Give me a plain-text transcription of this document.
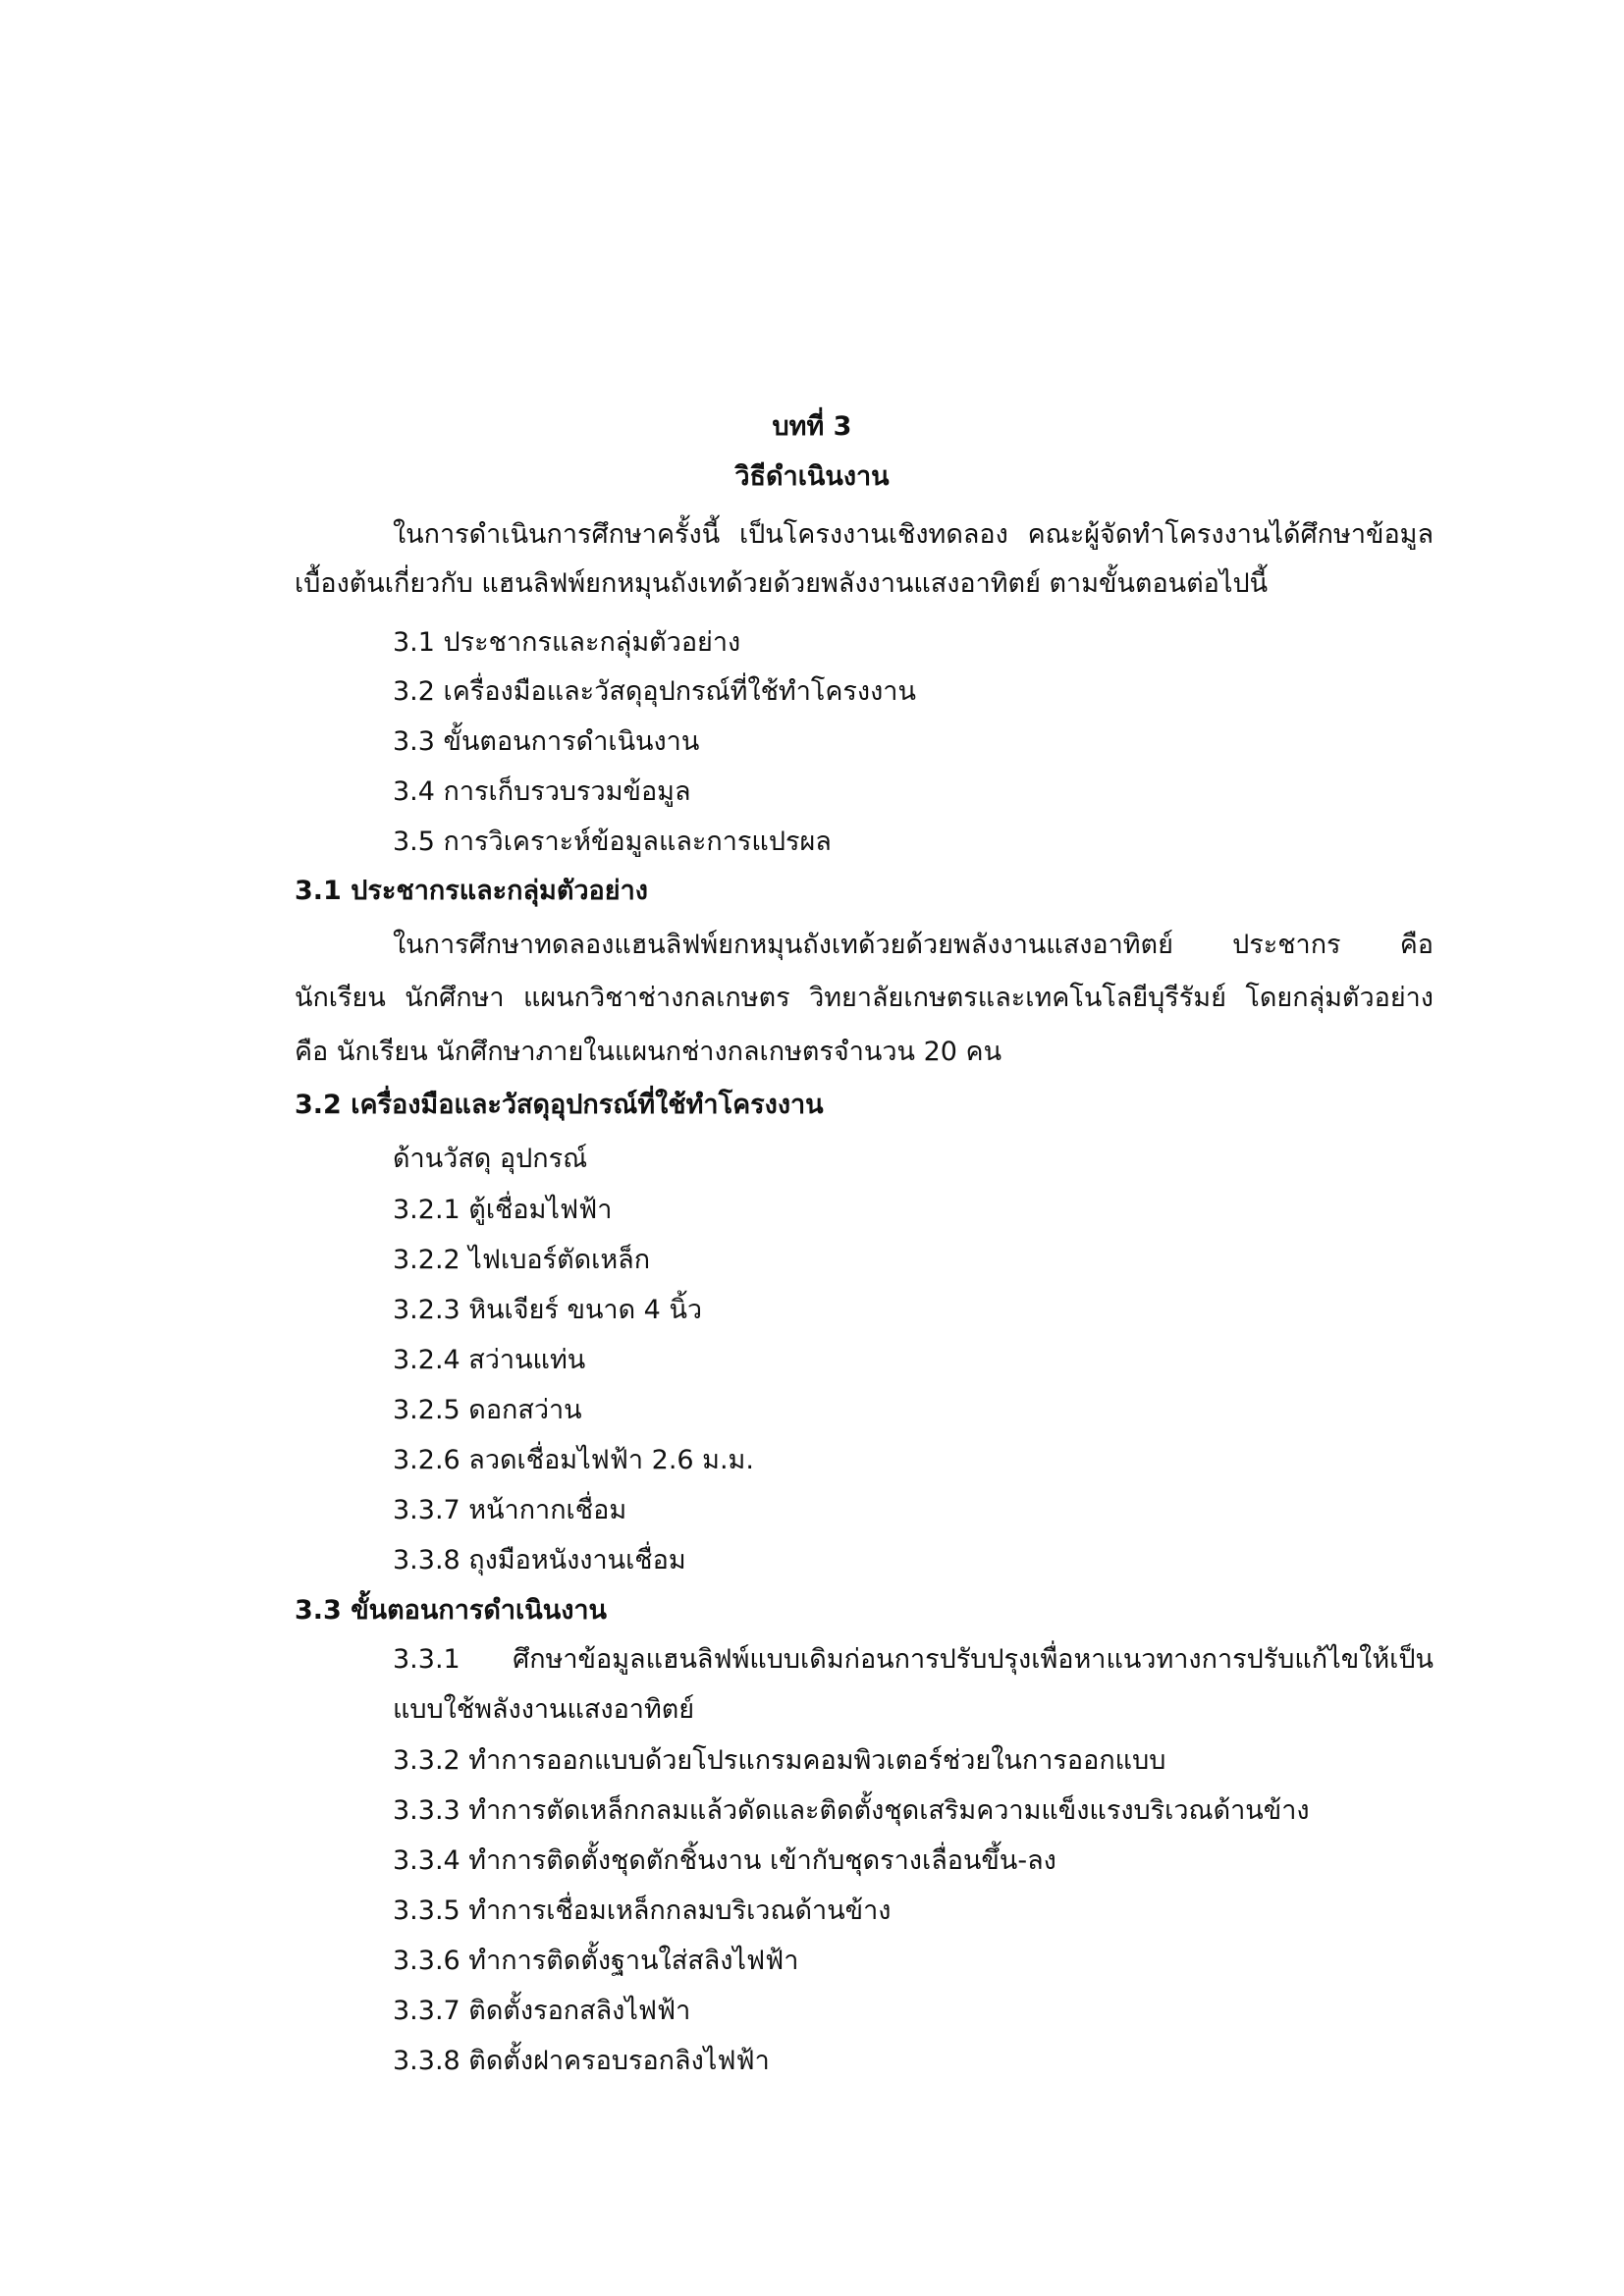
บทที่ 3
วิธีดำเนินงาน
ในการดำเนินการศึกษาครั้งนี้ เป็นโครงงานเชิงทดลอง คณะผู้จัดทำโครงงานได้ศึกษาข้อมูล
เบื้องต้นเกี่ยวกับ แฮนลิฟพ์ยกหมุนถังเทด้วยด้วยพลังงานแสงอาทิตย์ ตามขั้นตอนต่อไปนี้
3.1 ประชากรและกลุ่มตัวอย่าง
3.2 เครื่องมือและวัสดุอุปกรณ์ที่ใช้ทำโครงงาน
3.3 ขั้นตอนการดำเนินงาน
3.4 การเก็บรวบรวมข้อมูล
3.5 การวิเคราะห์ข้อมูลและการแปรผล
3.1 ประชากรและกลุ่มตัวอย่าง
ในการศึกษาทดลองแฮนลิฟพ์ยกหมุนถังเทด้วยด้วยพลังงานแสงอาทิตย์ ประชากร คือ
นักเรียน นักศึกษา แผนกวิชาช่างกลเกษตร วิทยาลัยเกษตรและเทคโนโลยีบุรีรัมย์ โดยกลุ่มตัวอย่าง
คือ นักเรียน นักศึกษาภายในแผนกช่างกลเกษตรจำนวน 20 คน
3.2 เครื่องมือและวัสดุอุปกรณ์ที่ใช้ทำโครงงาน
ด้านวัสดุ อุปกรณ์
3.2.1 ตู้เชื่อมไฟฟ้า
3.2.2 ไฟเบอร์ตัดเหล็ก
3.2.3 หินเจียร์ ขนาด 4 นิ้ว
3.2.4 สว่านแท่น
3.2.5 ดอกสว่าน
3.2.6 ลวดเชื่อมไฟฟ้า 2.6 ม.ม.
3.3.7 หน้ากากเชื่อม
3.3.8 ถุงมือหนังงานเชื่อม
3.3 ขั้นตอนการดำเนินงาน
3.3.1 ศึกษาข้อมูลแฮนลิฟพ์แบบเดิมก่อนการปรับปรุงเพื่อหาแนวทางการปรับแก้ไขให้เป็น
แบบใช้พลังงานแสงอาทิตย์
3.3.2 ทำการออกแบบด้วยโปรแกรมคอมพิวเตอร์ช่วยในการออกแบบ
3.3.3 ทำการตัดเหล็กกลมแล้วดัดและติดตั้งชุดเสริมความแข็งแรงบริเวณด้านข้าง
3.3.4 ทำการติดตั้งชุดตักชิ้นงาน เข้ากับชุดรางเลื่อนขึ้น-ลง
3.3.5 ทำการเชื่อมเหล็กกลมบริเวณด้านข้าง
3.3.6 ทำการติดตั้งฐานใส่สลิงไฟฟ้า
3.3.7 ติดตั้งรอกสลิงไฟฟ้า
3.3.8 ติดตั้งฝาครอบรอกลิงไฟฟ้า
